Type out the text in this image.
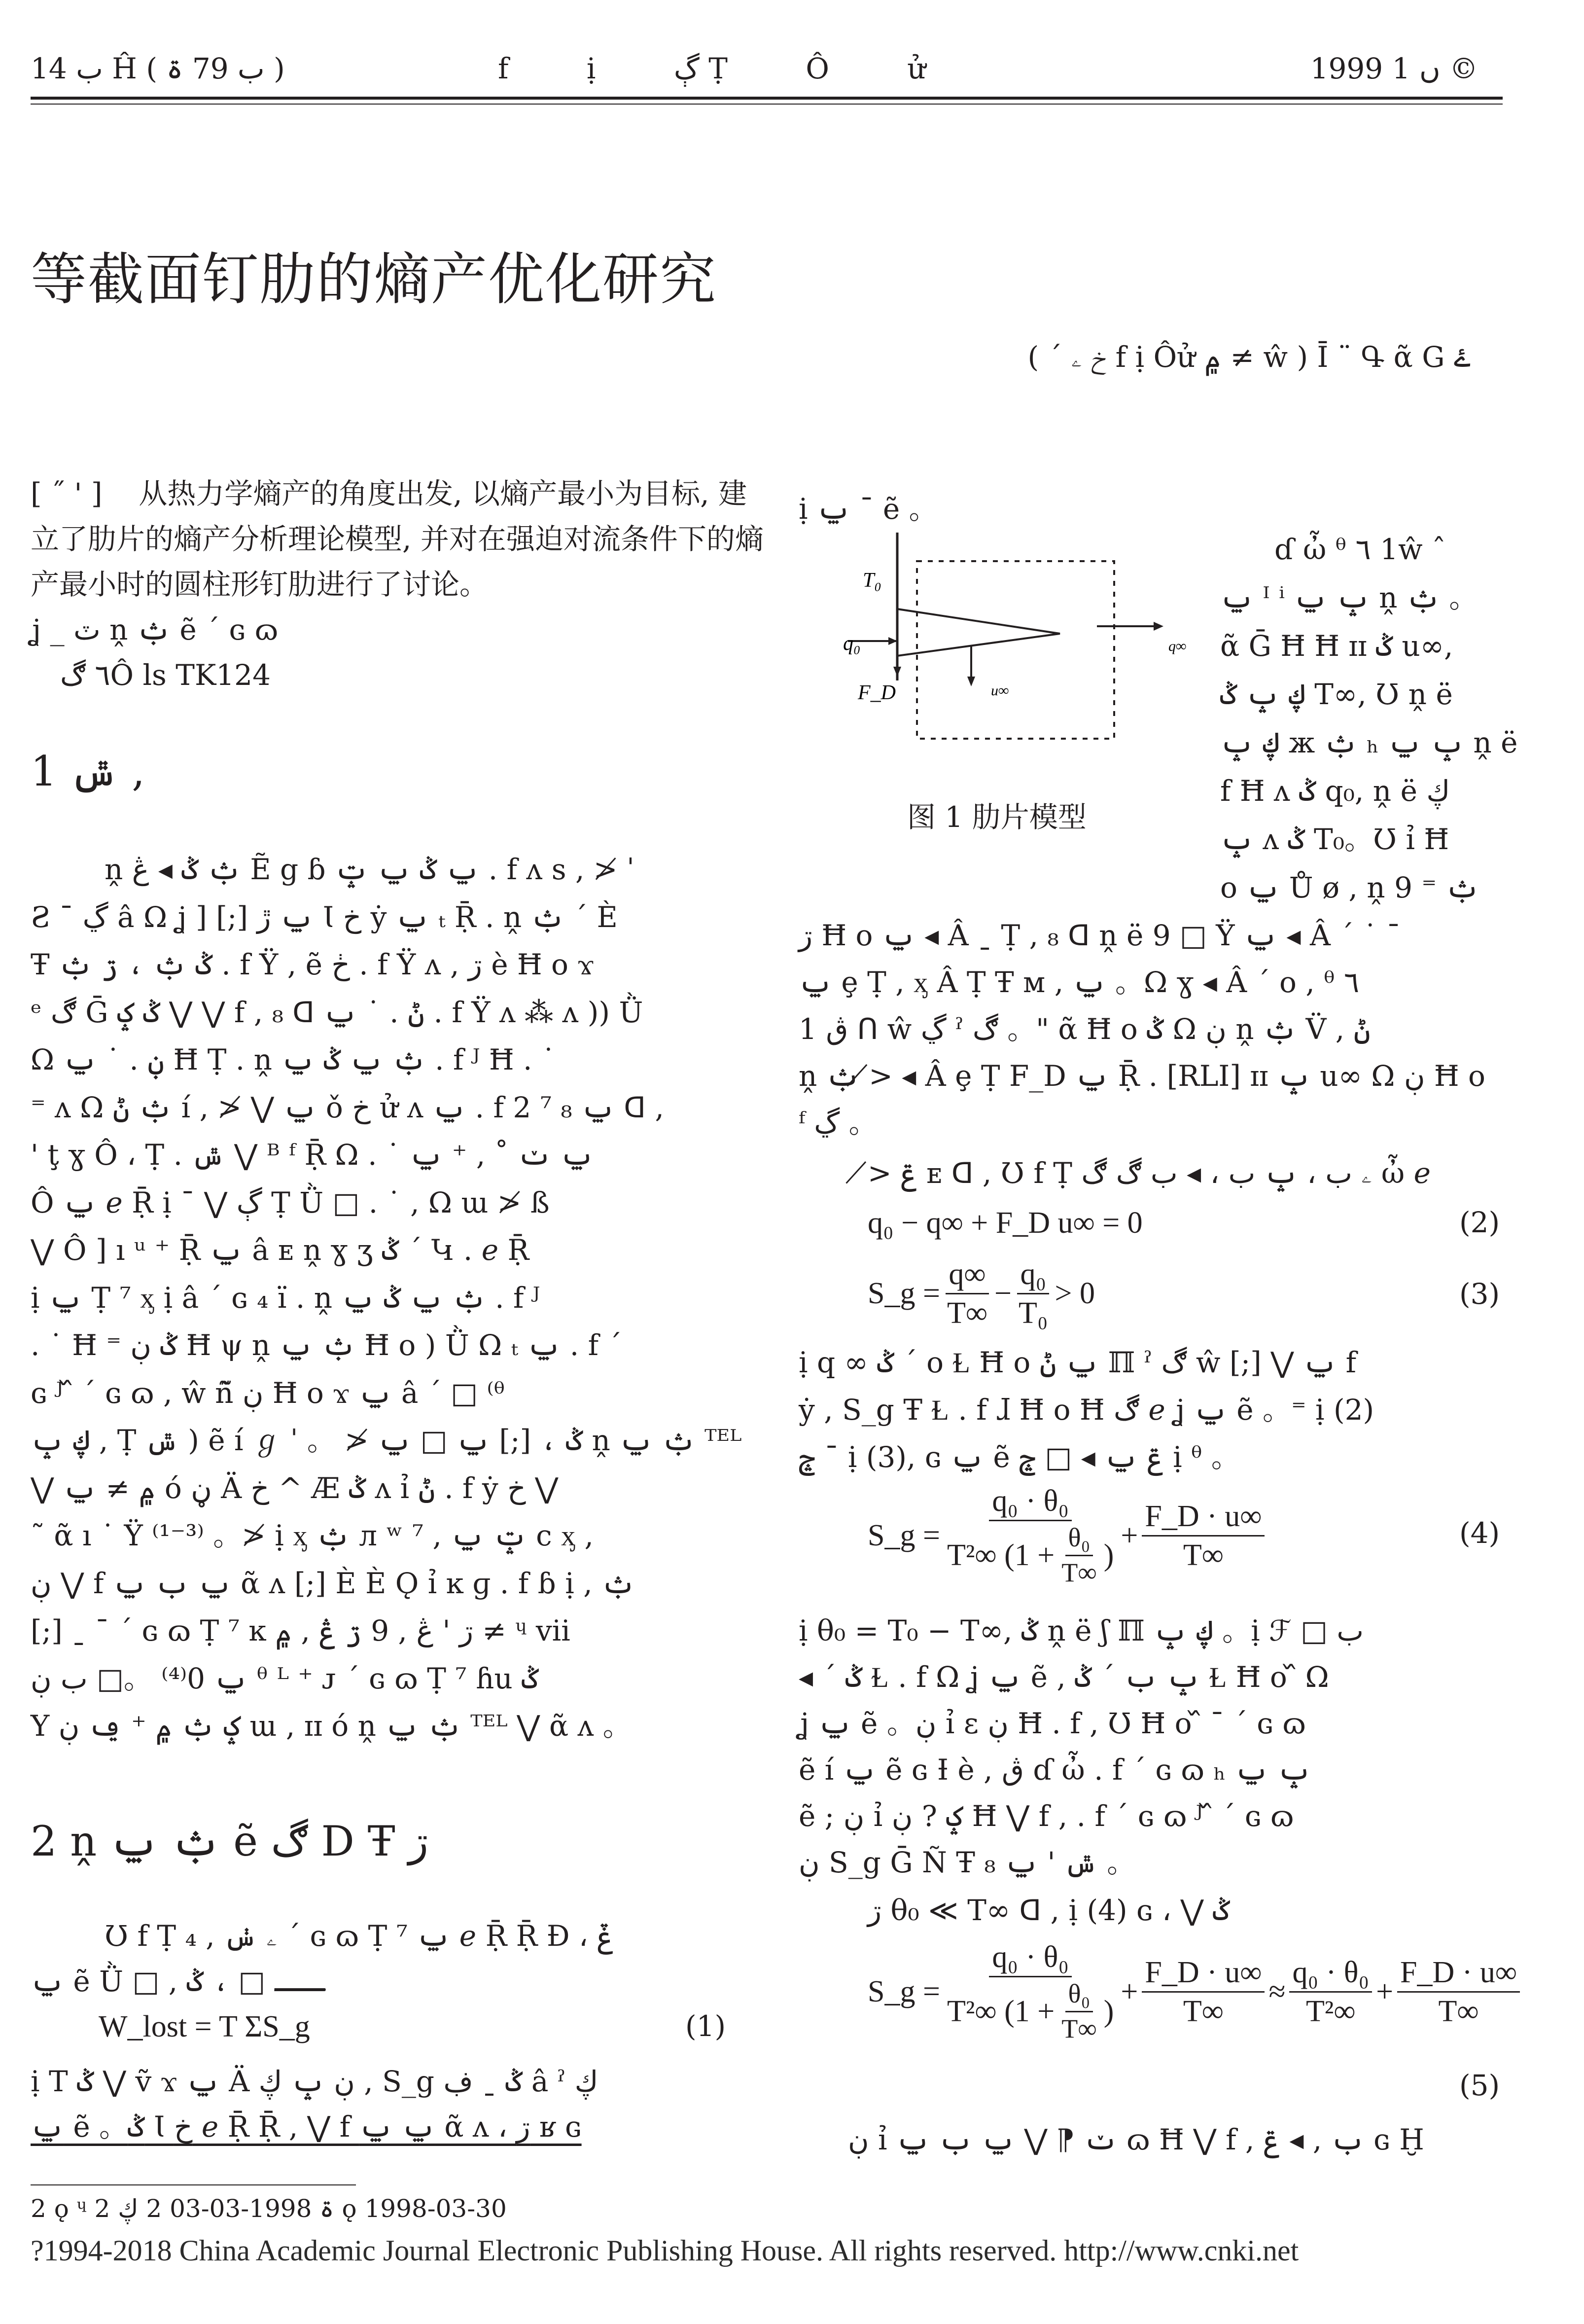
ب 14 Ĥ ( ب 79 ۃ )	f ị ڳ Ṭ Ô ử	1999 ں 1 ©
等截面钉肋的熵产优化研究
( ´ خ ۦ f ị Ôử ۾ ≠ ŵ ) Ī ¨ Գ ᾶ G ۓ
[ ˝ ' ] 从热力学熵产的角度出发, 以熵产最小为目标, 建
立了肋片的熵产分析理论模型, 并对在强迫对流条件下的熵
产最小时的圆柱形钉肋进行了讨论。
ʝ _ ٽ ṋ ݑ ẽ ´ ɢ ɷ
٦ ڰÔ ls TK124
1 ݜ ,
ṋ ݑ ݣ ◂ ڠ Ẽ g ɓ ݐ ݣ ݐ ݓ . f ʌ s , ≯ ˈ
Ꙅ ˉ ڲ â Ω ʝ ] [;] ݐ ڙ Ɩ خ ẏ ݐ ₜ Ṝ . ṋ ݑ ´ È
Ŧ ݣ ݑ ، ڗ ݑ . f Ÿ , ẽ ڂ . f Ÿ ʌ , ڗ è Ħ o ϫ
ᵉ ڰ Ḡ ݣ ݤ ⋁ ⋁ f , ₈ ꓷ ݨ . ˙ ݐ . f Ÿ ʌ ⁂ ʌ )) Ǜ
Ω ڹ . ˙ ݐ Ħ Ṭ . ṋ ݑ ݐ ݣ ݐ . f ᴶ Ħ . ˙
⁼ ʌ Ω ݑ ݨ í , ≯ ⋁ ݐ ǒ خ ử ʌ ݐ . f 2 ⁷ ݐ ₈ ꓷ ,
' ţ ɣ Ô ، Ṭ . ݜ ⋁ ᴮ ᶠ Ṝ Ω . ˙ ݐ ݖ ˚ , ⁺ ݐ
Ô ݐ ℯ Ṝ ị ˉ ⋁ ڳ Ṭ Ǜ □ . ˙ , Ω ɯ ≯ ß
⋁ Ô ] ı ᵘ ⁺ Ṝ ݐ â ᴇ ṋ ɣ ʒ ݣ ´ Կ . ℯ Ṝ
ị ݐ Ṭ ⁷ ᶍ ị â ´ ɢ ₄ ï . ṋ ݑ ݐ ݣ ݐ . f ᴶ
. ˙ Ħ ⁼ ݣ ڹ Ħ ψ ṋ ݑ ݐ Ħ o ) Ǜ Ω ₜ ݐ . f ´
ɢ ᴶ ᷈ ´ ɢ ɷ , ŵ ñ̃ ڹ Ħ o ϫ ݐ â ´ □ ⁽ᶿ
ڮ ݒ , Ṭ ݜ ) ẽ í ℊ ˈ 。 ≯ ݣ ، [;] ݐ □ ݐ ṋ ݑ ݐ ᵀᴱᴸ
⋁ ۾ ≠ ݐ ó ڼ Ä خ ^ Æ ݣ ʌ ỉ ݨ . f ẏ خ ⋁
˜ ᾶ ı ˙ Ÿ ⁽¹⁻³⁾ 。≯ ị ᶍ ݑ л ʷ ⁷ , ݓ ݐ c ᶍ ,
ڹ ⋁ f ݐ ب ݐ ᾶ ʌ [;] È È Ǫ ỉ ĸ ɡ . f ɓ ị , ݑ
[;] ˍ ˉ ´ ɢ ɷ Ṭ ⁷ ĸ ڗ ' ڠ , 9 ڗ ڠ , ۾ ≠ ᶣ vii
ݐ 0⁽⁴⁾ 。□ ب ڹ ᶿ ᴸ ⁺ ᴊ ´ ɢ ɷ Ṭ ⁷ ɦu ݣ
Y ݤ ݑ ۾ ⁺ ݠ ڹ ɯ , ɪɪ ó ṋ ݑ ݐ ᵀᴱᴸ ⋁ ᾶ ʌ 。
2 ṋ ݑ ݐ ẽ ڰ D Ŧ ڗ
Ʊ f Ṭ ۦ ݭ , ₄ ´ ɢ ɷ Ṭ ⁷ ݐ ℯ Ṝ Ṝ Ɖ ، ݞ
ݐ ẽ Ǜ □ , ـــ □ ، ݣ
W_lost = T ΣS_g	(1)
ị T ݣ ⋁ ṽ ϫ ݐ Ä ڹ ݒ ڮ , S_g ݣ ˍ ڣ â ˀ ڮ
ݐ ẽ 。ݣ Ɩ خ ℯ Ṝ Ṝ , ⋁ f ݐ ݐ ᾶ ʌ ، ڗ ʁ ɢ
2 ǫ ᶣ ۃ 1998-03-03 2 ڮ 2 ǫ 1998-03-30
?1994-2018 China Academic Journal Electronic Publishing House. All rights reserved. http://www.cnki.net
ị ݐ ˉ ẽ 。
T₀
q₀
F_D	u∞
q∞
图 1 肋片模型
ɗ ὦ ᶿ ٦ 1ŵ ˆ
ݐ ᴵ ⁱ ݒ ݐ ṋ ݑ 。
ᾶ Ḡ Ħ Ħ ɪɪ ݣ u∞,
ڮ ݒ ݣ T∞, Ʊ ṋ ë
ڮ ݒ ж ݑ ₕ ݒ ݐ ṋ ë
f Ħ ʌ ݣ q₀, ṋ ë ڮ
ݒ ʌ ݣ T₀。Ʊ ỉ Ħ
o ݐ Ů ø , ṋ ݑ ⁼ 9
ڗ Ħ o ݐ ◂ Â ˍ Ṭ , ₈ ꓷ ṋ ë 9 □ Ÿ ݐ ◂ Â ´ ˙ ¯
ݐ ȩ Ṭ , ᶍ Â Ṭ Ŧ ᴍ , ݐ 。Ω ɣ ◂ Â ´ o , ᶿ ٦
1 ڨ ᑎ ŵ ڲ ˀ ڰ 。" ᾶ Ħ o ݣ Ω ڹ ṋ ݑ V̈ , ݨ
ṋ ݑ ≯ ◂ Â ȩ Ṭ F_D ݐ Ṝ . [RLI] ɪɪ ݒ u∞ Ω ڹ Ħ o
ᶠ ڲ 。
≯ ݝ ᴇ ꓷ , Ʊ f Ṭ ۦ ب ، ݒ ب ، ◂ ب ڰ ڰ ὦ ℯ
q₀ − q∞ + F_D u∞ = 0	(2)
S_g = $\frac{q\infty}{T\infty} - \frac{\text{q₀}}{\text{T₀}} > 0$	(3)
ị q ∞ ݣ ´ o Ɫ Ħ o ݐ ݨ ℿ ˀ ڰ ŵ [;] ⋁ ݐ f
ẏ , S_g Ŧ Ɫ . f ɺ Ħ o Ħ ڰ ℯ ʝ ݐ ẽ 。⁼ ị (2)
ݘ ˉ ị (3), ɢ ݐ ẽ ݝ ݐ ◂ □ ݘ ị ᶿ 。
S_g = $\frac{\text{q₀ · θ₀}}{T^2\infty (1 + \frac{\text{θ₀}}{T\infty} )} + \frac{F\_D \cdot u\infty}{T\infty}$	(4)
ị θ₀ = T₀ − T∞, ݣ ṋ ë ʃ ℿ ڮ ݒ 。ị ℱ □ ب
◂ ´ ݣ Ɫ . f Ω ʝ ݐ ẽ , ݒ ب ´ ݣ Ɫ Ħ o ᷈ Ω
ʝ ݐ ẽ 。ڹ ỉ ɛ ڹ Ħ . f , Ʊ Ħ o ᷈ ˉ ´ ɢ ɷ
ẽ í ݐ ẽ ɢ Ɨ è , ڨ ɗ ὦ . f ´ ɢ ɷ ₕ ݒ ݐ
ẽ ; ڹ ỉ ݤ ? ڹ Ħ ⋁ f , . f ´ ɢ ɷ ᴶ ᷈ ´ ɢ ɷ
ڹ S_g Ḡ Ñ Ŧ ₈ ݜ ' ݐ 。
ڗ θ₀ ≪ T∞ ꓷ , ị (4) ɢ ، ⋁ ݣ
S_g = $\frac{\text{q₀ · θ₀}}{T^2\infty (1 + \frac{\text{θ₀}}{T\infty} )} + \frac{F\_D \cdot u\infty}{T\infty} \approx \frac{\text{q₀ · θ₀}}{\text{T²∞}} + \frac{F\_D \cdot u\infty}{T\infty}$
(5)
ڹ ỉ ݖ ⁋ ⋁ ݐ ب ݐ ɷ Ħ ⋁ f , ب , ◂ ݝ ɢ Ḫ
